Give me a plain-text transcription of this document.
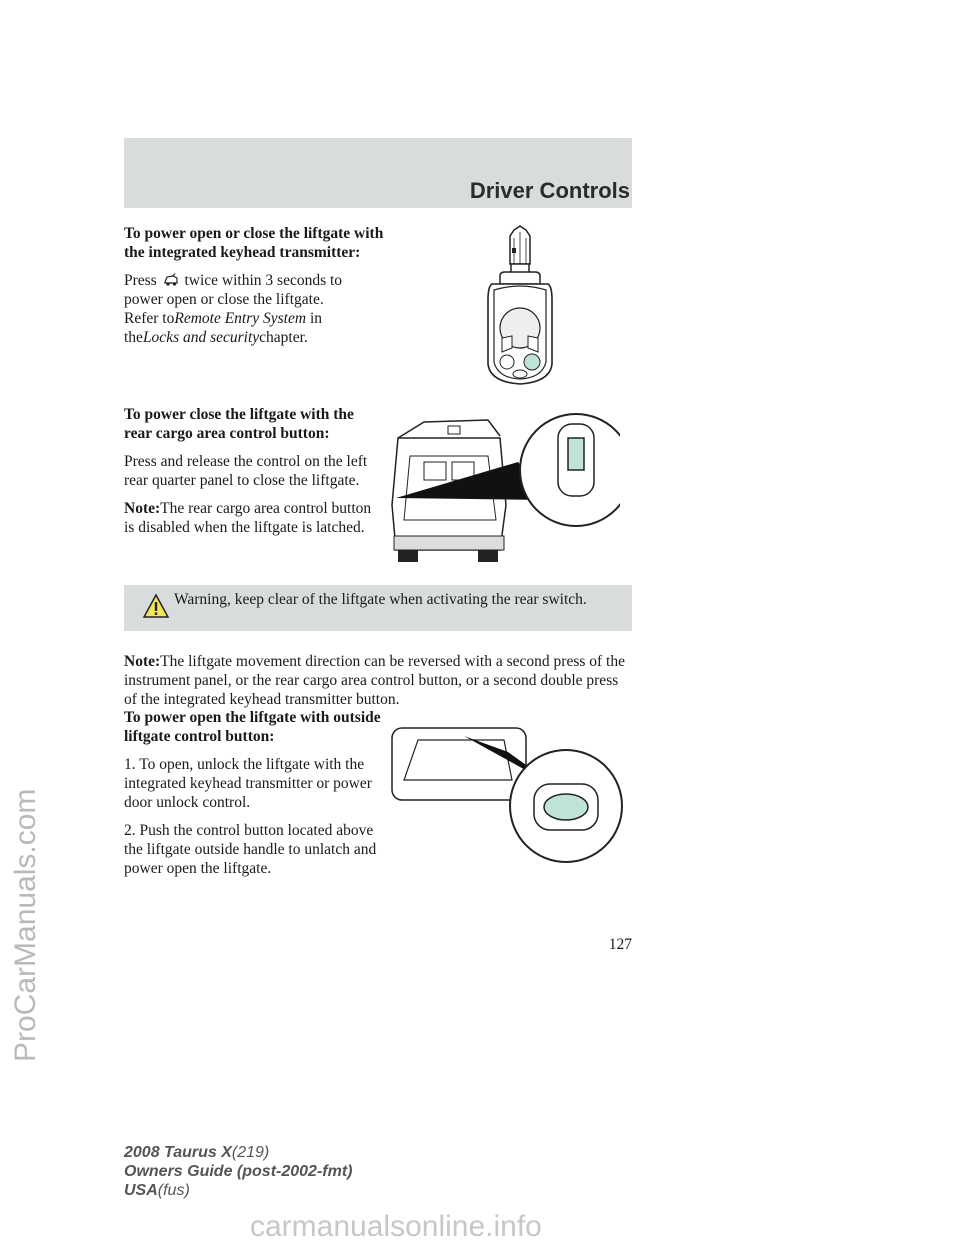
Driver Controls
ProCarManuals.com

To power open or close the liftgate with the integrated keyhead transmitter:

Press twice within 3 seconds to

power open or close the liftgate.

Refer toRemote Entry System in

theLocks and securitychapter.

To power close the liftgate with the rear cargo area control button:

Press and release the control on the left rear quarter panel to close the liftgate.

Note:The rear cargo area control button is disabled when the liftgate is latched.

Warning, keep clear of the liftgate when activating the rear switch.

Note:The liftgate movement direction can be reversed with a second press of the instrument panel, or the rear cargo area control button, or a second double press of the integrated keyhead transmitter button.

To power open the liftgate with outside liftgate control button:

1. To open, unlock the liftgate with the integrated keyhead transmitter or power door unlock control.

2. Push the control button located above the liftgate outside handle to unlatch and power open the liftgate.

127
2008 Taurus X(219)
Owners Guide (post-2002-fmt)
USA(fus)
carmanualsonline.info
